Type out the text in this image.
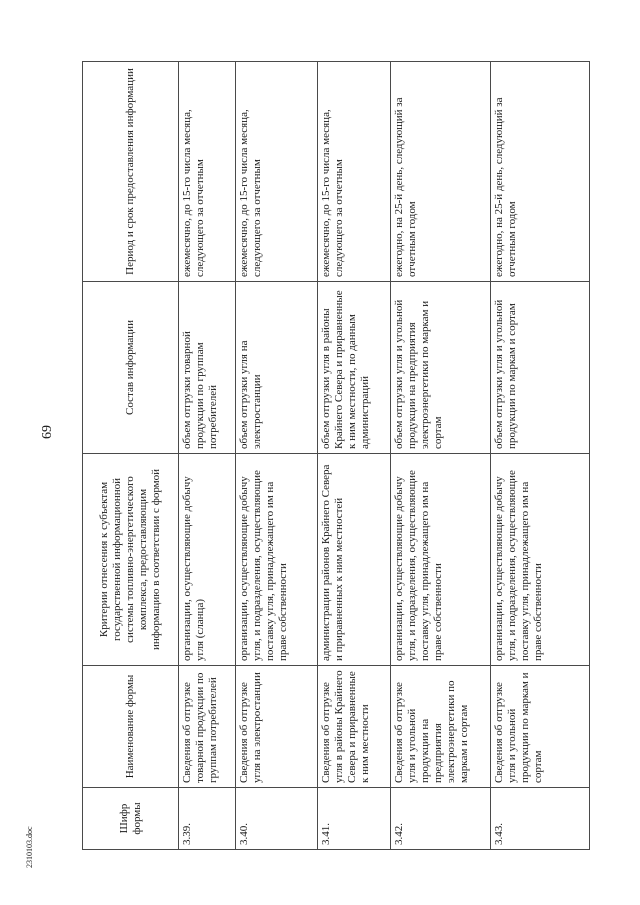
69
Шифр формы	Наименование формы	Критерии отнесения к субъектам государственной информационной системы топливно-энергетического комплекса, предоставляющим информацию в соответствии с формой	Состав информации	Период и срок предоставления информации
3.39.	Сведения об отгрузке товарной продукции по группам потребителей	организации, осуществляющие добычу угля (сланца)	объем отгрузки товарной продукции по группам потребителей	ежемесячно, до 15-го числа месяца, следующего за отчетным
3.40.	Сведения об отгрузке угля на электростанции	организации, осуществляющие добычу угля, и подразделения, осуществляющие поставку угля, принадлежащего им на праве собственности	объем отгрузки угля на электростанции	ежемесячно, до 15-го числа месяца, следующего за отчетным
3.41.	Сведения об отгрузке угля в районы Крайнего Севера и приравненные к ним местности	администрации районов Крайнего Севера и приравненных к ним местностей	объем отгрузки угля в районы Крайнего Севера и приравненные к ним местности, по данным администраций	ежемесячно, до 15-го числа месяца, следующего за отчетным
3.42.	Сведения об отгрузке угля и угольной продукции на предприятия электроэнергетики по маркам и сортам	организации, осуществляющие добычу угля, и подразделения, осуществляющие поставку угля, принадлежащего им на праве собственности	объем отгрузки угля и угольной продукции на предприятия электроэнергетики по маркам и сортам	ежегодно, на 25-й день, следующий за отчетным годом
3.43.	Сведения об отгрузке угля и угольной продукции по маркам и сортам	организации, осуществляющие добычу угля, и подразделения, осуществляющие поставку угля, принадлежащего им на праве собственности	объем отгрузки угля и угольной продукции по маркам и сортам	ежегодно, на 25-й день, следующий за отчетным годом
2310103.doc
